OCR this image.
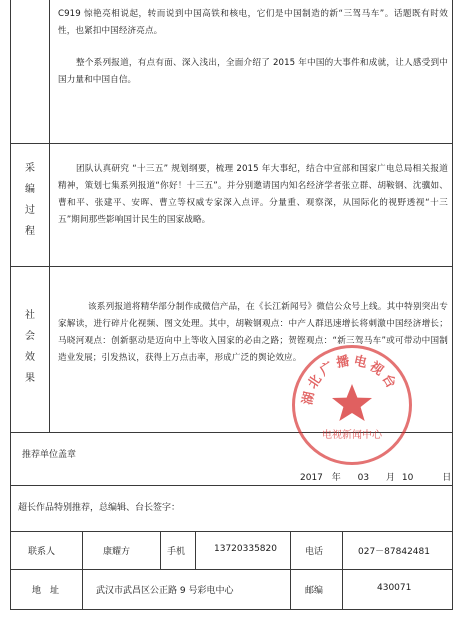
C919 惊艳亮相说起，转而说到中国高铁和核电，它们是中国制造的新“三驾马车”。话题既有时效性，也紧扣中国经济亮点。

整个系列报道，有点有面、深入浅出，全面介绍了 2015 年中国的大事件和成就，让人感受到中国力量和中国自信。

采
编
过
程

团队认真研究 “十三五” 规划纲要，梳理 2015 年大事纪，结合中宣部和国家广电总局相关报道精神，策划七集系列报道“你好！十三五”。并分别邀请国内知名经济学者张立群、胡鞍钢、沈骥如、曹和平、张建平、安晖、曹立等权威专家深入点评。分量重、观察深，从国际化的视野透视“十三五”期间那些影响国计民生的国家战略。

社
会
效
果

该系列报道将精华部分制作成微信产品，在《长江新闻号》微信公众号上线。其中特别突出专家解读，进行碎片化视频、图文处理。其中，胡鞍钢观点：中产人群迅速增长将刺激中国经济增长；马晓河观点：创新驱动是迈向中上等收入国家的必由之路；贺铿观点：“新三驾马车”或可带动中国制造业发展；引发热议，获得上万点击率，形成广泛的舆论效应。

推荐单位盖章
2017 年 03 月 10	日
湖北广播电视台
电视新闻中心
超长作品特别推荐，总编辑、台长签字：
联系人	康耀方	手机	13720335820	电话	027－87842481
地　址	武汉市武昌区公正路 9 号彩电中心	邮编	430071
